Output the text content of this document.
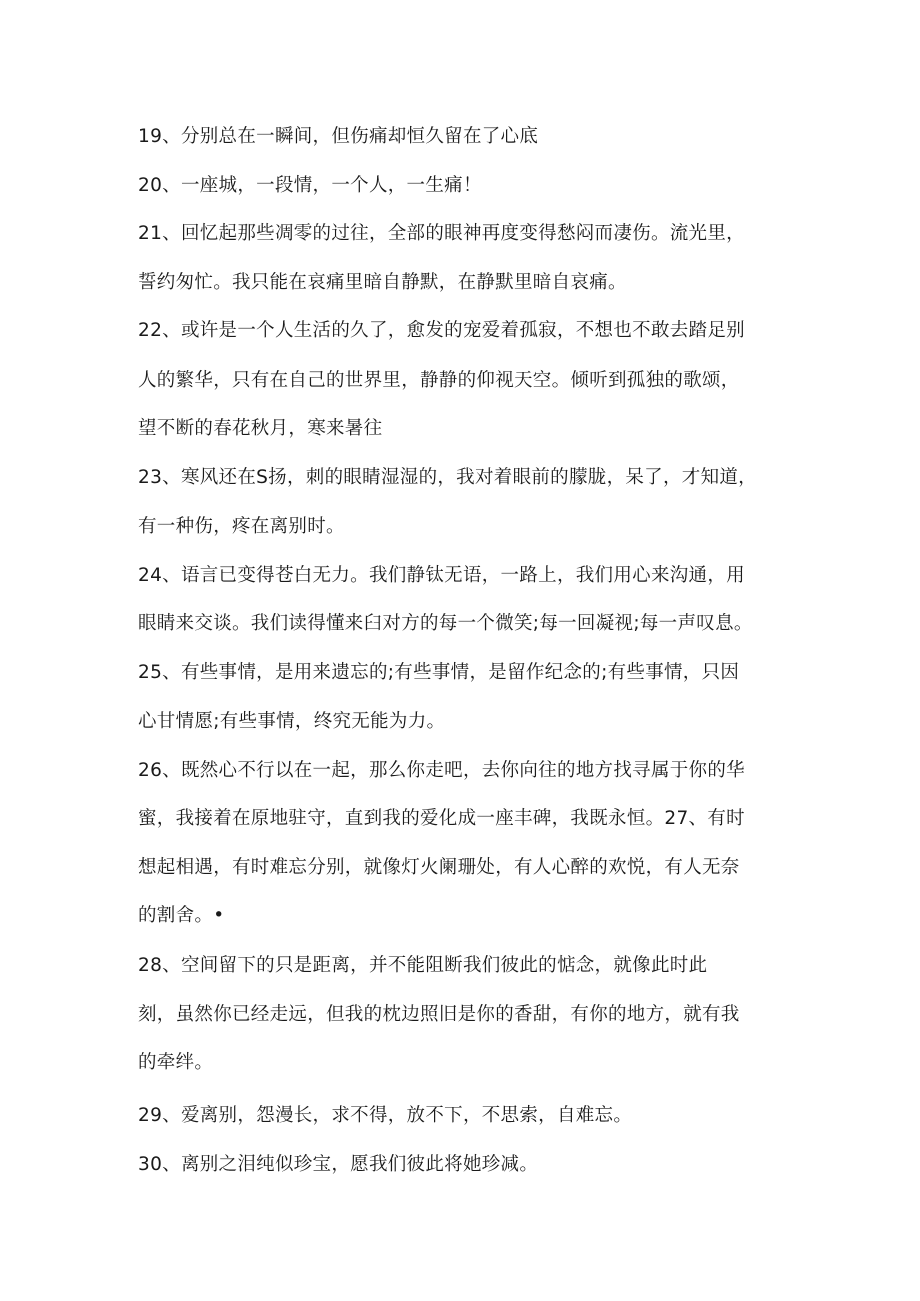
19、分别总在一瞬间，但伤痛却恒久留在了心底
20、一座城，一段情，一个人，一生痛！
21、回忆起那些凋零的过往，全部的眼神再度变得愁闷而凄伤。流光里，
誓约匆忙。我只能在哀痛里暗自静默，在静默里暗自哀痛。
22、或许是一个人生活的久了，愈发的宠爱着孤寂，不想也不敢去踏足别
人的繁华，只有在自己的世界里，静静的仰视天空。倾听到孤独的歌颂，
望不断的春花秋月，寒来暑往
23、寒风还在S扬，刺的眼睛湿湿的，我对着眼前的朦胧，呆了，才知道，
有一种伤，疼在离别时。
24、语言已变得苍白无力。我们静钛无语，一路上，我们用心来沟通，用
眼睛来交谈。我们读得懂来臼对方的每一个微笑;每一回凝视;每一声叹息。
25、有些事情，是用来遗忘的;有些事情，是留作纪念的;有些事情，只因
心甘情愿;有些事情，终究无能为力。
26、既然心不行以在一起，那么你走吧，去你向往的地方找寻属于你的华
蜜，我接着在原地驻守，直到我的爱化成一座丰碑，我既永恒。27、有时
想起相遇，有时难忘分别，就像灯火阑珊处，有人心醉的欢悦，有人无奈
的割舍。•
28、空间留下的只是距离，并不能阻断我们彼此的惦念，就像此时此
刻，虽然你已经走远，但我的枕边照旧是你的香甜，有你的地方，就有我
的牵绊。
29、爱离别，怨漫长，求不得，放不下，不思索，自难忘。
30、离别之泪纯似珍宝，愿我们彼此将她珍减。
